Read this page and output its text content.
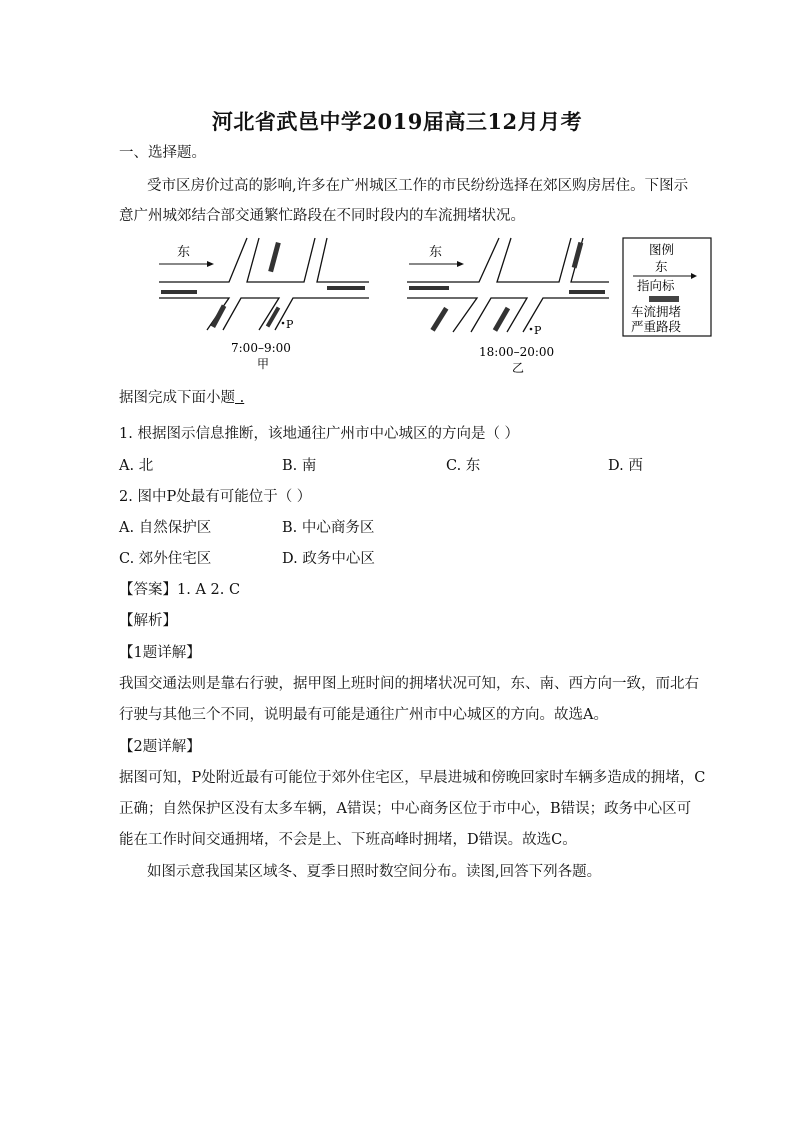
河北省武邑中学2019届高三12月月考
一、选择题。
受市区房价过高的影响,许多在广州城区工作的市民纷纷选择在郊区购房居住。下图示
意广州城郊结合部交通繁忙路段在不同时段内的车流拥堵状况。
东
P
7:00–9:00
甲
东
P
18:00–20:00
乙
图例
东
指向标
车流拥堵
严重路段
据图完成下面小题 .
1. 根据图示信息推断，该地通往广州市中心城区的方向是（ ）
A. 北	B. 南	C. 东	D. 西
2. 图中P处最有可能位于（ ）
A. 自然保护区	B. 中心商务区
C. 郊外住宅区	D. 政务中心区
【答案】1. A 2. C
【解析】
【1题详解】
我国交通法则是靠右行驶，据甲图上班时间的拥堵状况可知，东、南、西方向一致，而北右
行驶与其他三个不同，说明最有可能是通往广州市中心城区的方向。故选A。
【2题详解】
据图可知，P处附近最有可能位于郊外住宅区，早晨进城和傍晚回家时车辆多造成的拥堵，C
正确；自然保护区没有太多车辆，A错误；中心商务区位于市中心，B错误；政务中心区可
能在工作时间交通拥堵，不会是上、下班高峰时拥堵，D错误。故选C。
如图示意我国某区域冬、夏季日照时数空间分布。读图,回答下列各题。
